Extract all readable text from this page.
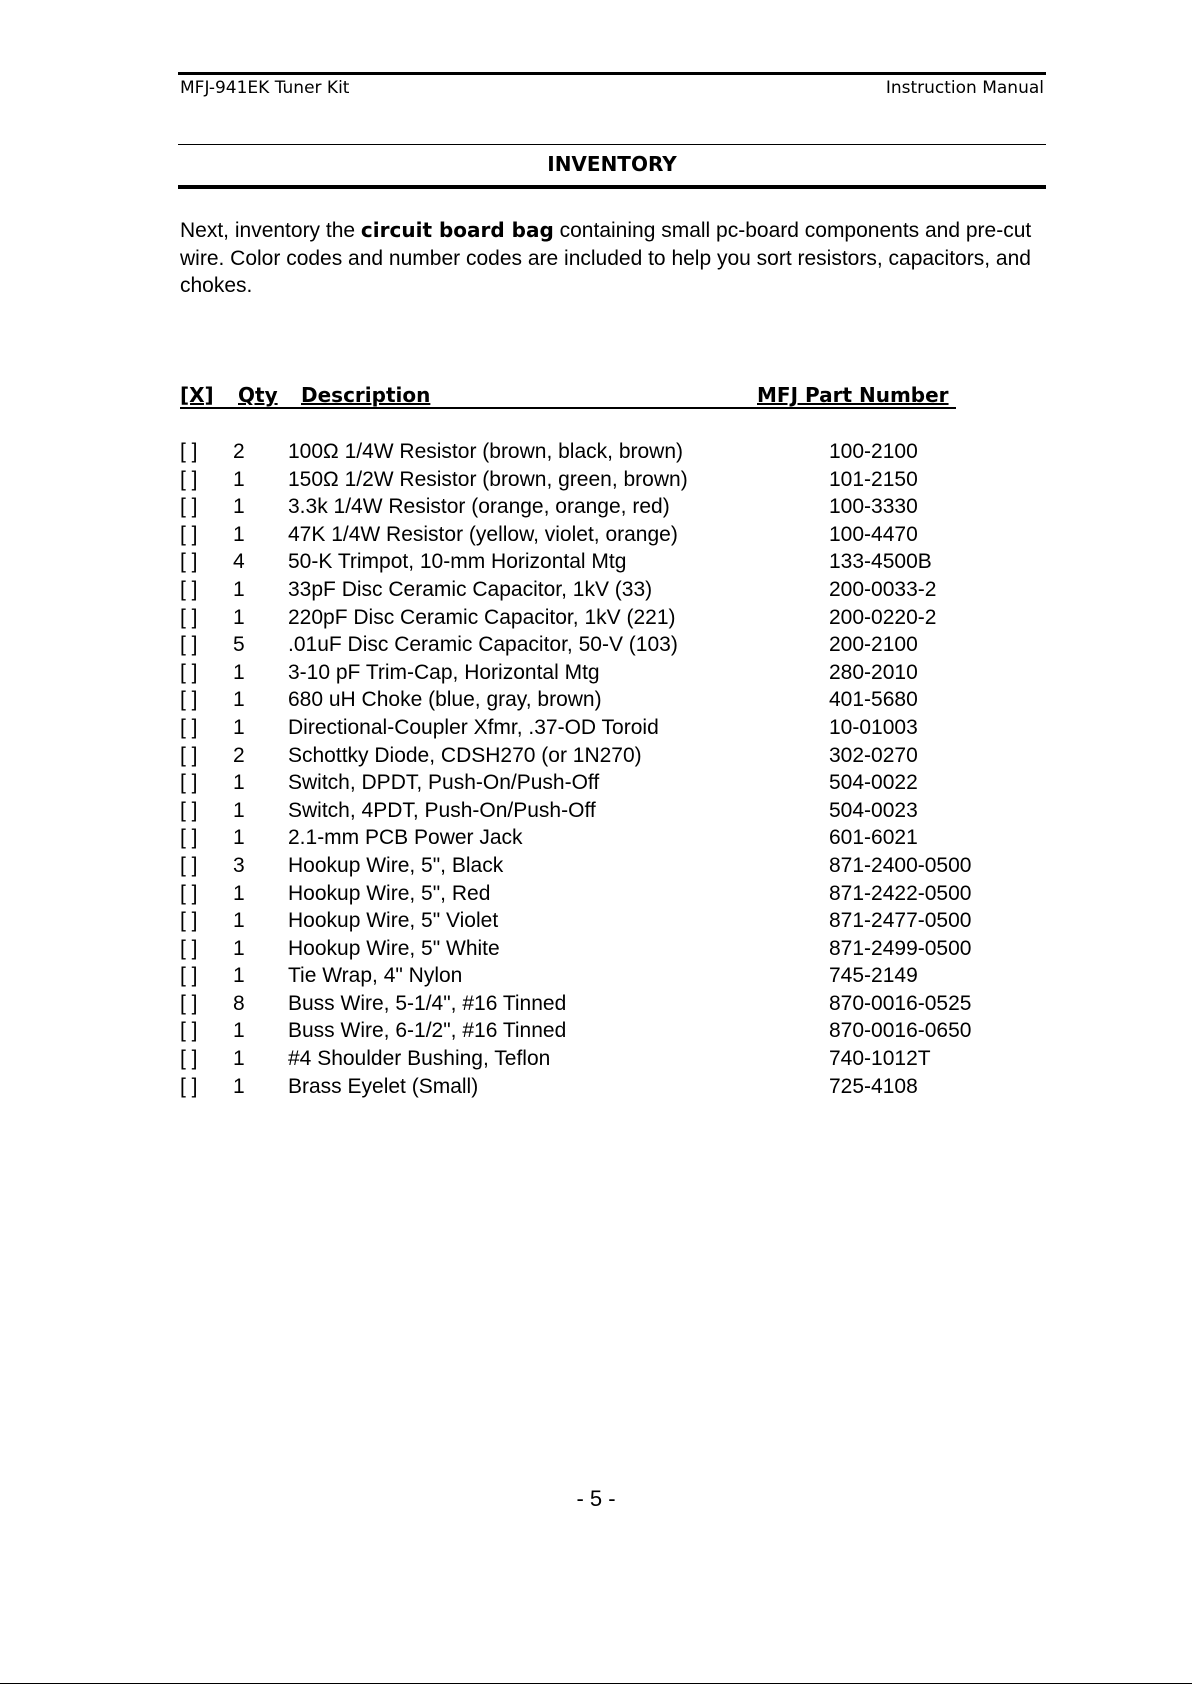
MFJ-941EK Tuner Kit	Instruction Manual
INVENTORY
Next, inventory the circuit board bag containing small pc-board components and pre-cut wire. Color codes and number codes are included to help you sort resistors, capacitors, and chokes.
[X] Qty Description	MFJ Part Number
[ ] 2 100Ω 1/4W Resistor (brown, black, brown)	100-2100
[ ] 1 150Ω 1/2W Resistor (brown, green, brown)	101-2150
[ ] 1 3.3k 1/4W Resistor (orange, orange, red)	100-3330
[ ] 1 47K 1/4W Resistor (yellow, violet, orange)	100-4470
[ ] 4 50-K Trimpot, 10-mm Horizontal Mtg	133-4500B
[ ] 1 33pF Disc Ceramic Capacitor, 1kV (33)	200-0033-2
[ ] 1 220pF Disc Ceramic Capacitor, 1kV (221)	200-0220-2
[ ] 5 .01uF Disc Ceramic Capacitor, 50-V (103)	200-2100
[ ] 1 3-10 pF Trim-Cap, Horizontal Mtg	280-2010
[ ] 1 680 uH Choke (blue, gray, brown)	401-5680
[ ] 1 Directional-Coupler Xfmr, .37-OD Toroid	10-01003
[ ] 2 Schottky Diode, CDSH270 (or 1N270)	302-0270
[ ] 1 Switch, DPDT, Push-On/Push-Off	504-0022
[ ] 1 Switch, 4PDT, Push-On/Push-Off	504-0023
[ ] 1 2.1-mm PCB Power Jack	601-6021
[ ] 3 Hookup Wire, 5", Black	871-2400-0500
[ ] 1 Hookup Wire, 5", Red	871-2422-0500
[ ] 1 Hookup Wire, 5" Violet	871-2477-0500
[ ] 1 Hookup Wire, 5" White	871-2499-0500
[ ] 1 Tie Wrap, 4" Nylon	745-2149
[ ] 8 Buss Wire, 5-1/4", #16 Tinned	870-0016-0525
[ ] 1 Buss Wire, 6-1/2", #16 Tinned	870-0016-0650
[ ] 1 #4 Shoulder Bushing, Teflon	740-1012T
[ ] 1 Brass Eyelet (Small)	725-4108
- 5 -
